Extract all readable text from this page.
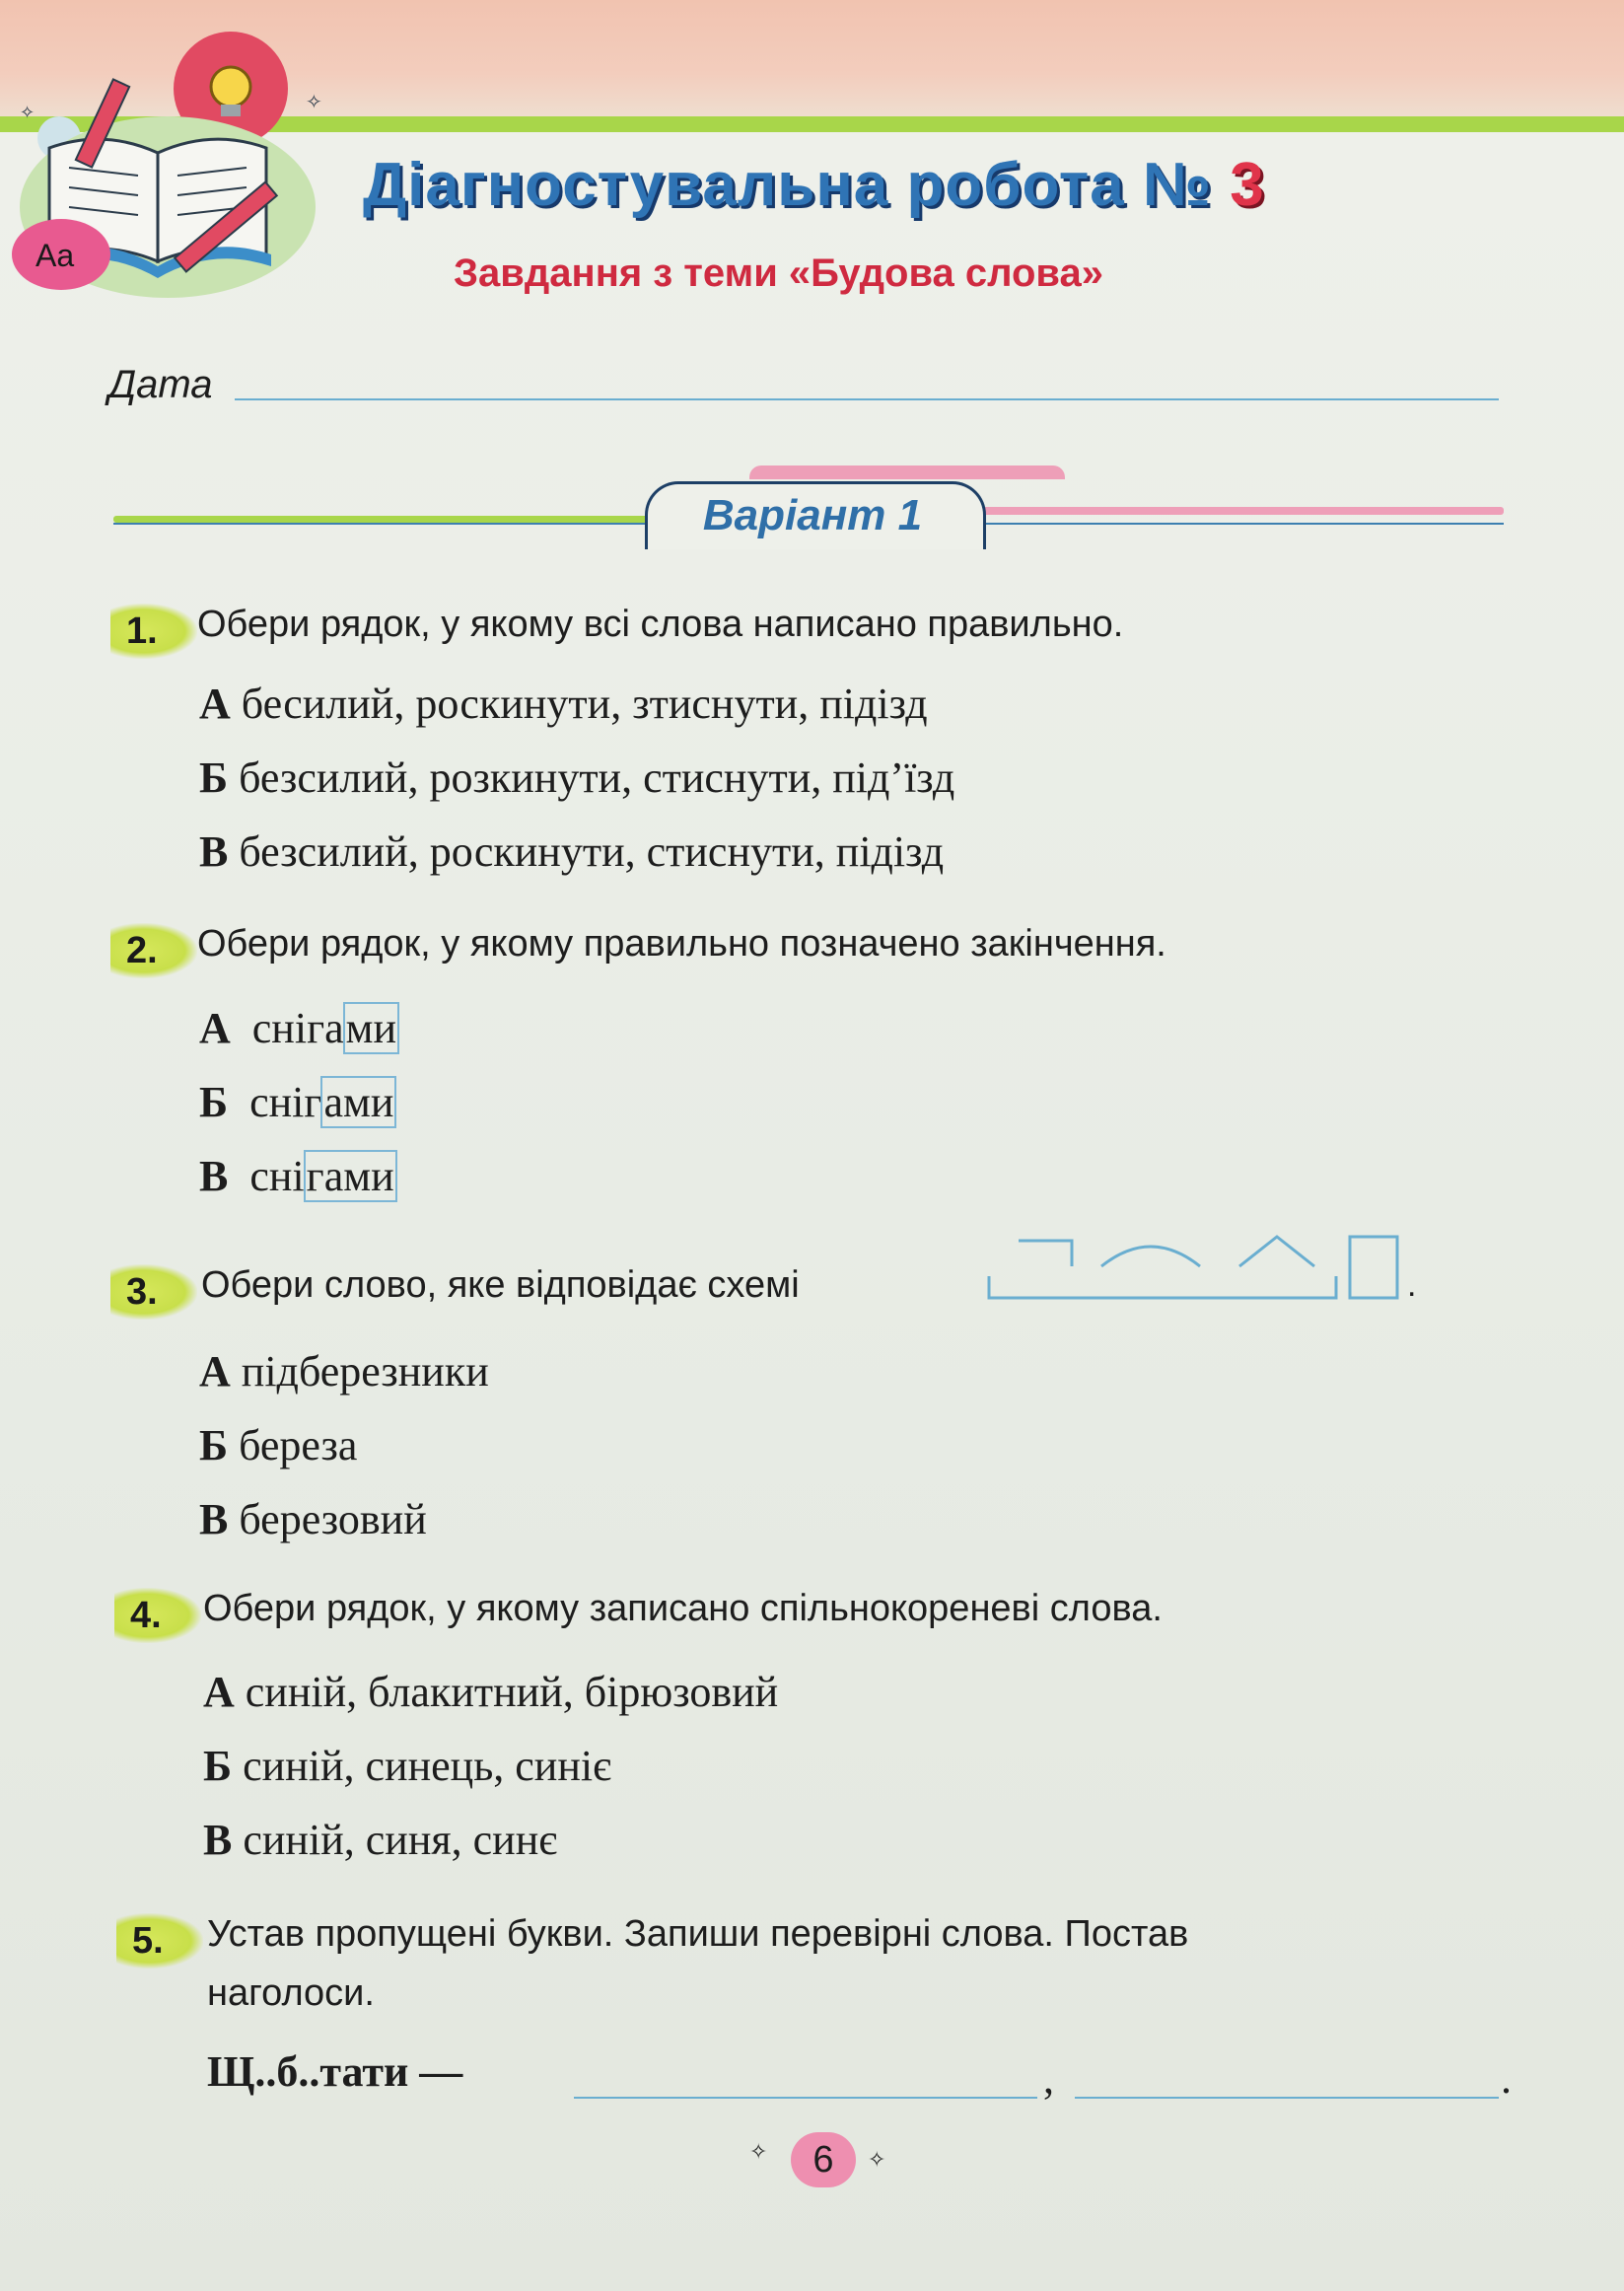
✧
✧
Aa
Діагностувальна робота № 3
Завдання з теми «Будова слова»
Дата
Варіант 1
1.	Обери рядок, у якому всі слова написано правильно.
А бесилий, роскинути, зтиснути, підізд
Б безсилий, розкинути, стиснути, під’їзд
В безсилий, роскинути, стиснути, підізд
2.	Обери рядок, у якому правильно позначено закінчення.
А снігами
Б снігами
В снігами
3.	Обери слово, яке відповідає схемі	.
А підберезники
Б береза
В березовий
4.	Обери рядок, у якому записано спільнокореневі слова.
А синій, блакитний, бірюзовий
Б синій, синець, синіє
В синій, синя, синє
5.	Устав пропущені букви. Запиши перевірні слова. Постав
наголоси.
Щ..б..тати —	,	.
✧	6	✧
